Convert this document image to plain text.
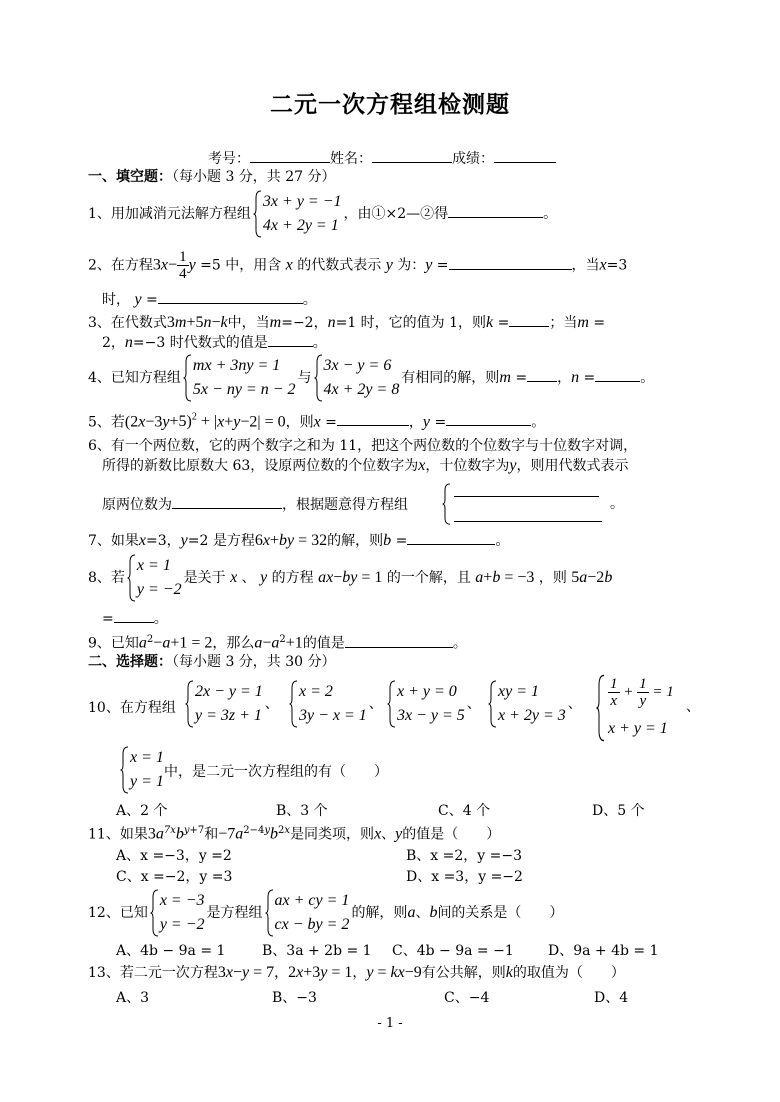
二元一次方程组检测题
考号：	姓名：	成绩：
一、填空题：（每小题 3 分，共 27 分）
1、用加减消元法解方程组
3x + y = −1
4x + 2y = 1
，由①×2—②得	。
2、在方程$3x- \frac{1}{4}$ y =5 中，用含 x 的代数式表示 y 为：y =	，当x=3
时， y =	。
3、在代数式3m+5n−k中，当m=−2，n=1 时，它的值为 1，则k =	；当m =
2，n=−3 时代数式的值是	。
4、已知方程组
mx + 3ny = 1
5x − ny = n − 2
与
3x − y = 6
4x + 2y = 8
有相同的解，则m = ，n =	。
5、若$(2x-3y+5)^2 + |x+y-2| = 0$，则x =	，y =	。
6、有一个两位数，它的两个数字之和为 11，把这个两位数的个位数字与十位数字对调，
所得的新数比原数大 63，设原两位数的个位数字为x，十位数字为y，则用代数式表示
原两位数为	，根据题意得方程组	。
7、如果x=3，y=2 是方程6x+by = 32的解，则b =	。
8、若
x = 1
y = −2
是关于 x 、 y 的方程 ax−by = 1 的一个解，且 a+b = −3 ，则 5a−2b
=	。
9、已知$a^2-a+1 = 2$，那么$a-a^2+1$的值是	。
二、选择题：（每小题 3 分，共 30 分）
10、在方程组
2x − y = 1
y = 3z + 1
、
x = 2
3y − x = 1
、
x + y = 0
3x − y = 5
、
xy = 1
x + 2y = 3
、 $\frac{1}{x} + \frac{1}{y} = 1$
x + y = 1
、
x = 1
y = 1
中，是二元一次方程组的有（　　）
A、2 个	B、3 个	C、4 个	D、5 个
11、如果$3a^{7x}b^{y+7}$和$-7a^{2-4y}b^{2x}$是同类项，则x、y的值是（　　）
A、x =−3，y =2	B、x =2，y =−3
C、x =−2，y =3	D、x =3，y =−2
12、已知
x = −3
y = −2
是方程组
ax + cy = 1
cx − by = 2
的解，则a、b间的关系是（　　）
A、4b − 9a = 1	B、3a + 2b = 1 C、4b − 9a = −1 D、9a + 4b = 1
13、若二元一次方程3x−y = 7，2x+3y = 1，y = kx−9有公共解，则k的取值为（　　）
A、3	B、−3	C、−4	D、4
- 1 -
